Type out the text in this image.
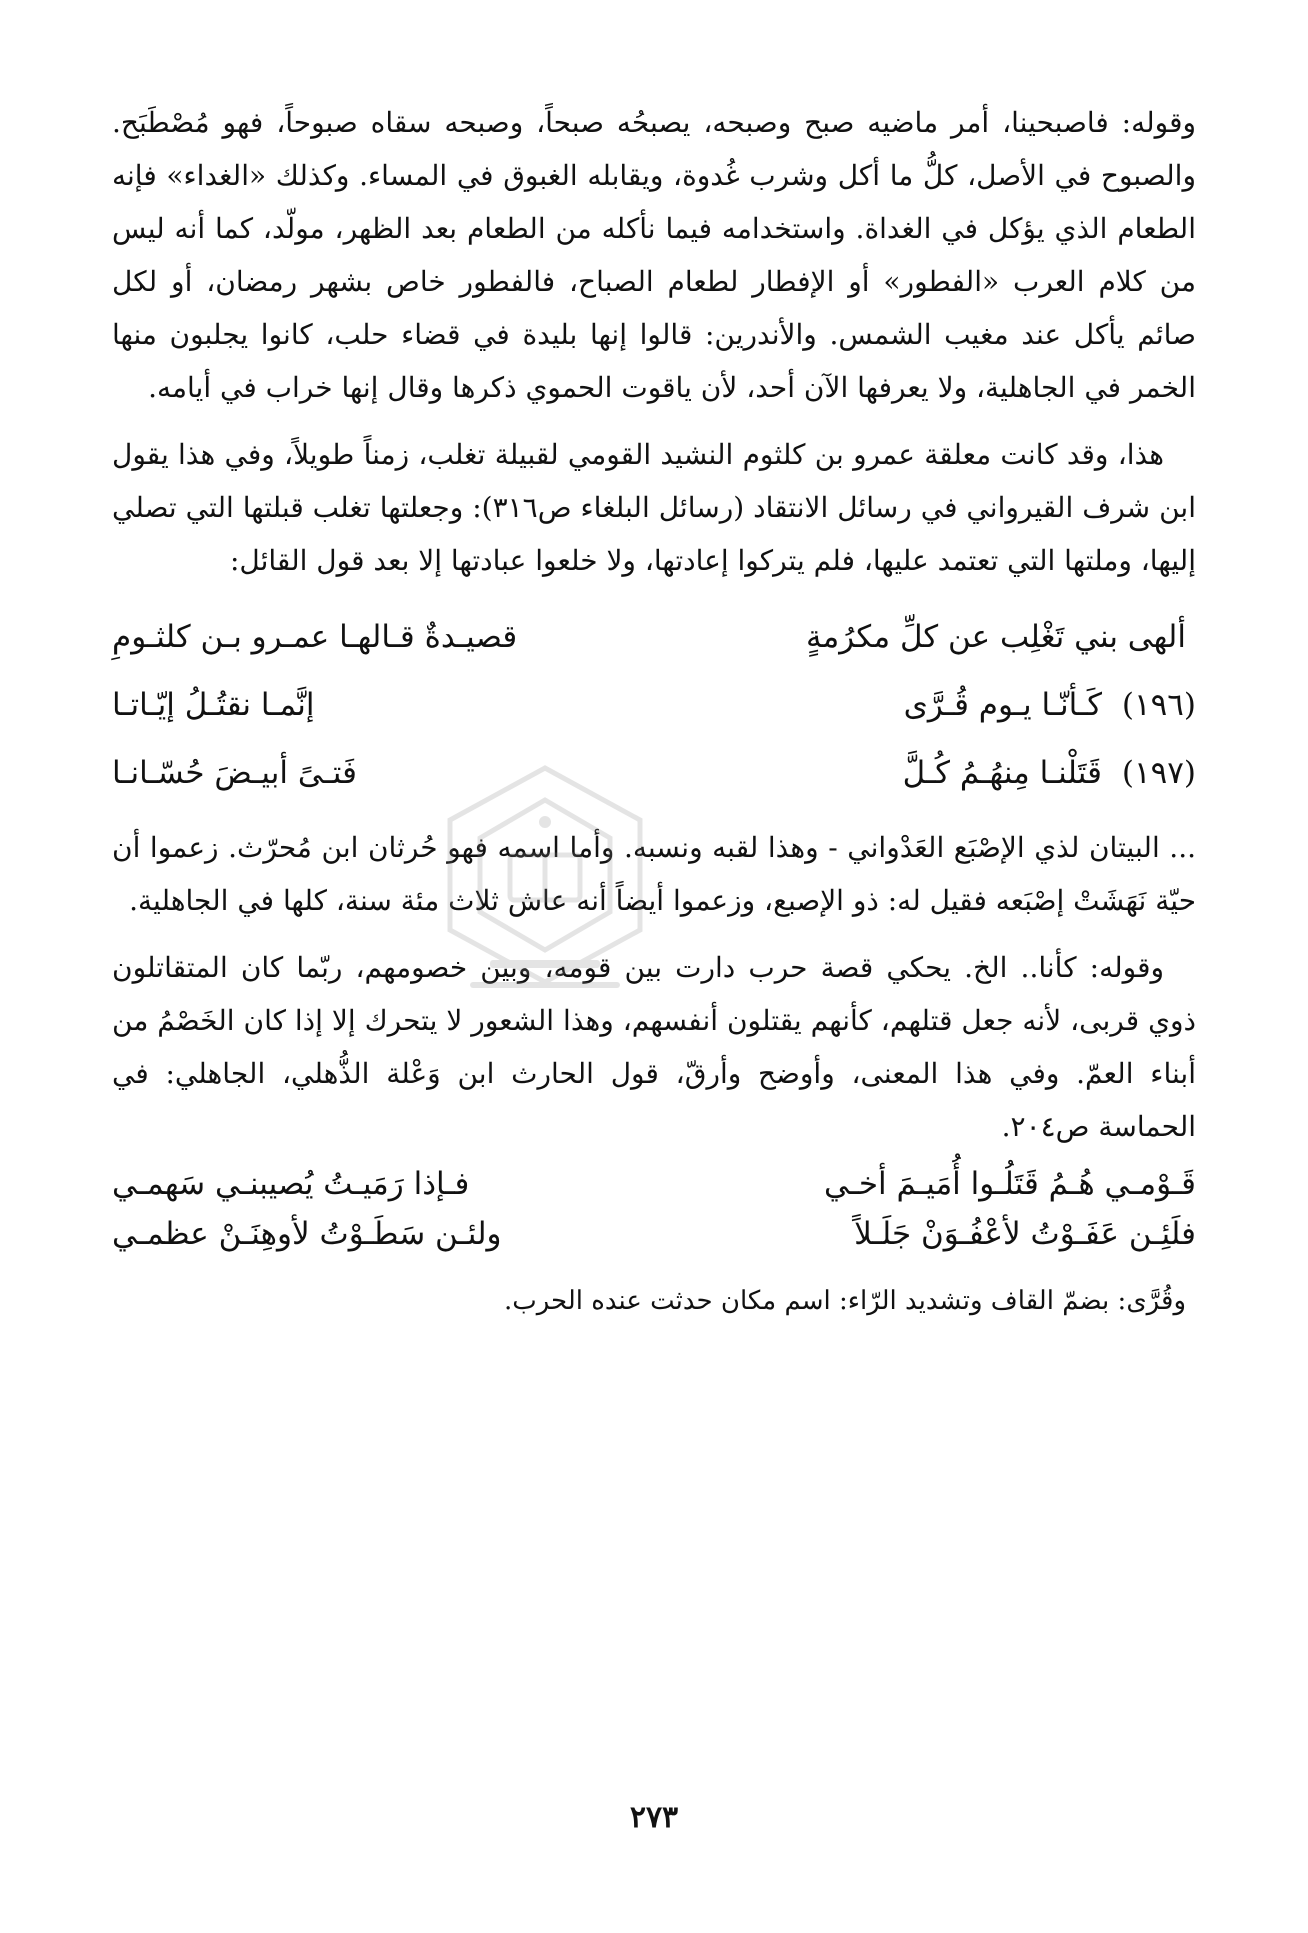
وقوله: فاصبحينا، أمر ماضيه صبح وصبحه، يصبحُه صبحاً، وصبحه سقاه صبوحاً، فهو مُصْطَبَح. والصبوح في الأصل، كلُّ ما أكل وشرب غُدوة، ويقابله الغبوق في المساء. وكذلك «الغداء» فإنه الطعام الذي يؤكل في الغداة. واستخدامه فيما نأكله من الطعام بعد الظهر، مولّد، كما أنه ليس من كلام العرب «الفطور» أو الإفطار لطعام الصباح، فالفطور خاص بشهر رمضان، أو لكل صائم يأكل عند مغيب الشمس. والأندرين: قالوا إنها بليدة في قضاء حلب، كانوا يجلبون منها الخمر في الجاهلية، ولا يعرفها الآن أحد، لأن ياقوت الحموي ذكرها وقال إنها خراب في أيامه.

هذا، وقد كانت معلقة عمرو بن كلثوم النشيد القومي لقبيلة تغلب، زمناً طويلاً، وفي هذا يقول ابن شرف القيرواني في رسائل الانتقاد (رسائل البلغاء ص٣١٦): وجعلتها تغلب قبلتها التي تصلي إليها، وملتها التي تعتمد عليها، فلم يتركوا إعادتها، ولا خلعوا عبادتها إلا بعد قول القائل:

ألهى بني تَغْلِب عن كلِّ مكرُمةٍ
قصيـدةٌ قـالهـا عمـرو بـن كلثـومِ
(١٩٦) كَـأنّـا يـوم قُـرَّى
إنَّمـا نقتُـلُ إيّـاتـا
(١٩٧) قَتَلْنـا مِنهُـمُ كُـلَّ
فَتـىً أبيـضَ حُسّـانـا

... البيتان لذي الإصْبَع العَدْواني - وهذا لقبه ونسبه. وأما اسمه فهو حُرثان ابن مُحرّث. زعموا أن حيّة نَهَشَتْ إصْبَعه فقيل له: ذو الإصبع، وزعموا أيضاً أنه عاش ثلاث مئة سنة، كلها في الجاهلية.

وقوله: كأنا.. الخ. يحكي قصة حرب دارت بين قومه، وبين خصومهم، ربّما كان المتقاتلون ذوي قربى، لأنه جعل قتلهم، كأنهم يقتلون أنفسهم، وهذا الشعور لا يتحرك إلا إذا كان الخَصْمُ من أبناء العمّ. وفي هذا المعنى، وأوضح وأرقّ، قول الحارث ابن وَعْلة الذُّهلي، الجاهلي: في الحماسة ص٢٠٤.

قَـوْمـي هُـمُ قَتَلُـوا أُمَيـمَ أخـي
فـإذا رَمَيـتُ يُصيبنـي سَهمـي
فلَئِـن عَفَـوْتُ لأعْفُـوَنْ جَلَـلاً
ولئـن سَطَـوْتُ لأوهِنَـنْ عظمـي
وقُرَّى: بضمّ القاف وتشديد الرّاء: اسم مكان حدثت عنده الحرب.
٢٧٣
